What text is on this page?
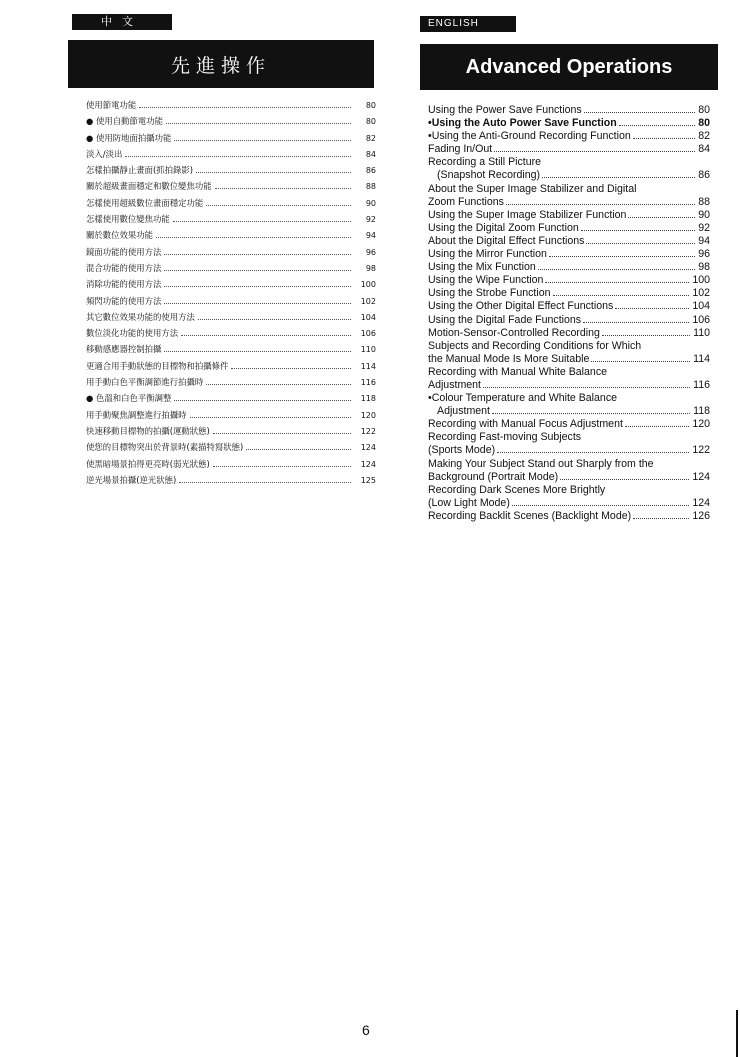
中文	ENGLISH
先進操作	Advanced Operations
使用節電功能	80
● 使用自動節電功能	80
● 使用防地面拍攝功能	82
淡入/淡出	84
怎樣拍攝靜止畫面(抓拍錄影)	86
關於超級畫面穩定和數位變焦功能	88
怎樣使用超級數位畫面穩定功能	90
怎樣使用數位變焦功能	92
關於數位效果功能	94
鏡面功能的使用方法	96
混合功能的使用方法	98
消除功能的使用方法	100
頻閃功能的使用方法	102
其它數位效果功能的使用方法	104
數位淡化功能的使用方法	106
移動感應器控制拍攝	110
更適合用手動狀態的目標物和拍攝條件	114
用手動白色平衡調節進行拍攝時	116
● 色溫和白色平衡調整	118
用手動聚焦調整進行拍攝時	120
快速移動目標物的拍攝(運動狀態)	122
使您的目標物突出於背景時(素描特寫狀態)	124
使黑暗場景拍得更亮時(弱光狀態)	124
逆光場景拍攝(逆光狀態)	125
Using the Power Save Functions	80
•Using the Auto Power Save Function	80
•Using the Anti-Ground Recording Function	82
Fading In/Out	84
Recording a Still Picture
(Snapshot Recording)	86
About the Super Image Stabilizer and Digital
Zoom Functions	88
Using the Super Image Stabilizer Function	90
Using the Digital Zoom Function	92
About the Digital Effect Functions	94
Using the Mirror Function	96
Using the Mix Function	98
Using the Wipe Function	100
Using the Strobe Function	102
Using the Other Digital Effect Functions	104
Using the Digital Fade Functions	106
Motion-Sensor-Controlled Recording	110
Subjects and Recording Conditions for Which
the Manual Mode Is More Suitable	114
Recording with Manual White Balance
Adjustment	116
•Colour Temperature and White Balance
Adjustment	118
Recording with Manual Focus Adjustment	120
Recording Fast-moving Subjects
(Sports Mode)	122
Making Your Subject Stand out Sharply from the
Background (Portrait Mode)	124
Recording Dark Scenes More Brightly
(Low Light Mode)	124
Recording Backlit Scenes (Backlight Mode)	126
6
